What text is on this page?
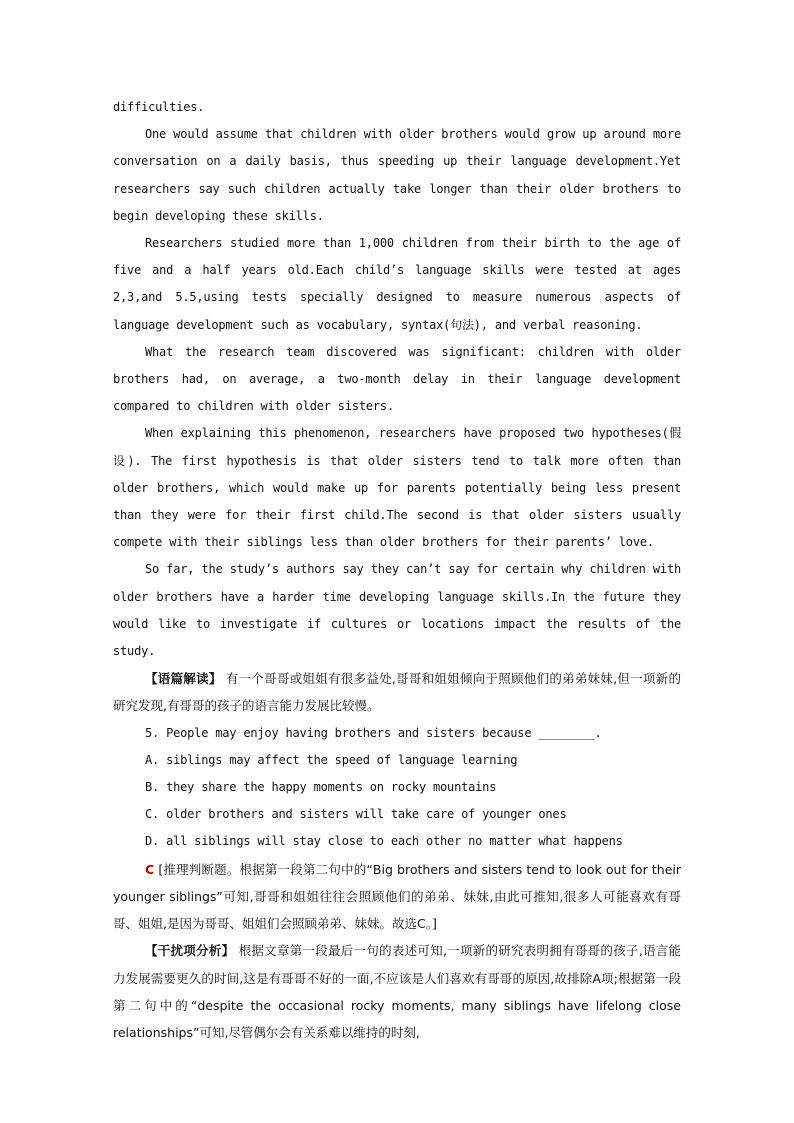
difficulties.

One would assume that children with older brothers would grow up around more conversation on a daily basis, thus speeding up their language development.Yet researchers say such children actually take longer than their older brothers to begin developing these skills.

Researchers studied more than 1,000 children from their birth to the age of five and a half years old.Each child’s language skills were tested at ages 2,3,and 5.5,using tests specially designed to measure numerous aspects of language development such as vocabulary, syntax(句法), and verbal reasoning.

What the research team discovered was significant: children with older brothers had, on average, a two-month delay in their language development compared to children with older sisters.

When explaining this phenomenon, researchers have proposed two hypotheses(假设). The first hypothesis is that older sisters tend to talk more often than older brothers, which would make up for parents potentially being less present than they were for their first child.The second is that older sisters usually compete with their siblings less than older brothers for their parents’ love.

So far, the study’s authors say they can’t say for certain why children with older brothers have a harder time developing language skills.In the future they would like to investigate if cultures or locations impact the results of the study.

【语篇解读】 有一个哥哥或姐姐有很多益处,哥哥和姐姐倾向于照顾他们的弟弟妹妹,但一项新的研究发现,有哥哥的孩子的语言能力发展比较慢。

5. People may enjoy having brothers and sisters because ________.

A. siblings may affect the speed of language learning

B. they share the happy moments on rocky mountains

C. older brothers and sisters will take care of younger ones

D. all siblings will stay close to each other no matter what happens

C [推理判断题。根据第一段第二句中的“Big brothers and sisters tend to look out for their younger siblings”可知,哥哥和姐姐往往会照顾他们的弟弟、妹妹,由此可推知,很多人可能喜欢有哥哥、姐姐,是因为哥哥、姐姐们会照顾弟弟、妹妹。故选C。]

【干扰项分析】 根据文章第一段最后一句的表述可知,一项新的研究表明拥有哥哥的孩子,语言能力发展需要更久的时间,这是有哥哥不好的一面,不应该是人们喜欢有哥哥的原因,故排除A项;根据第一段第二句中的“despite the occasional rocky moments, many siblings have lifelong close relationships”可知,尽管偶尔会有关系难以维持的时刻,
